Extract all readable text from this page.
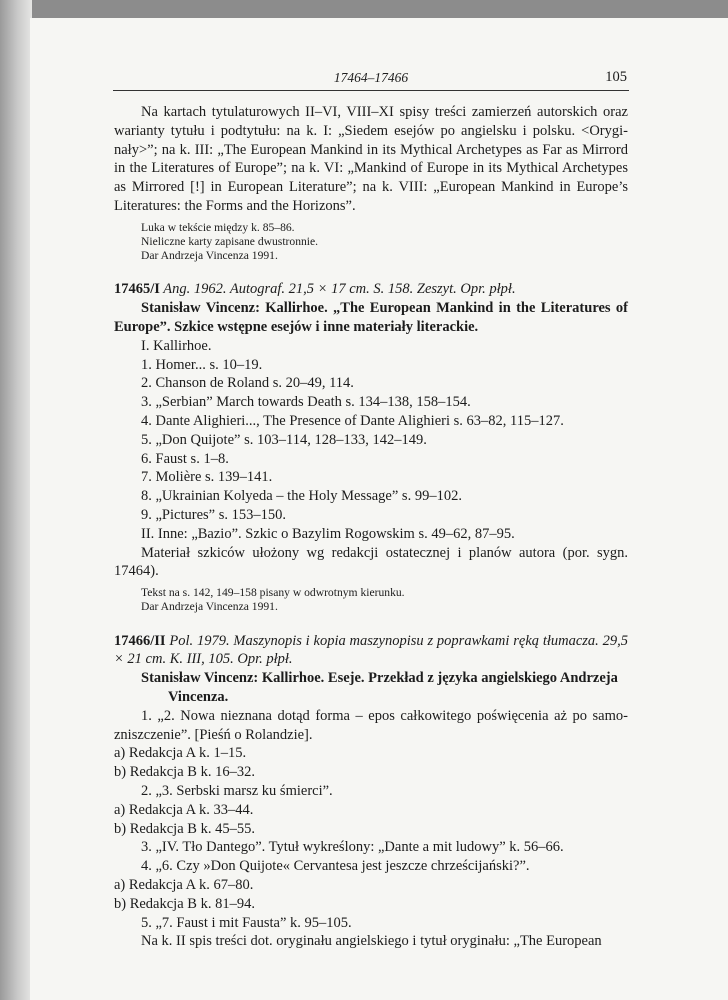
17464–17466	105

Na kartach tytulaturowych II–VI, VIII–XI spisy treści zamierzeń autorskich oraz warianty tytułu i podtytułu: na k. I: „Siedem esejów po angielsku i polsku. <Oryginały>”; na k. III: „The European Mankind in its Mythical Archetypes as Far as Mirrord in the Literatures of Europe”; na k. VI: „Mankind of Europe in its Mythical Archetypes as Mirrored [!] in European Literature”; na k. VIII: „European Mankind in Europe’s Literatures: the Forms and the Horizons”.

Luka w tekście między k. 85–86.

Nieliczne karty zapisane dwustronnie.

Dar Andrzeja Vincenza 1991.

17465/I Ang. 1962. Autograf. 21,5 × 17 cm. S. 158. Zeszyt. Opr. płpł.

Stanisław Vincenz: Kallirhoe. „The European Mankind in the Literatures of Europe”. Szkice wstępne esejów i inne materiały literackie.

I. Kallirhoe.

1. Homer... s. 10–19.

2. Chanson de Roland s. 20–49, 114.

3. „Serbian” March towards Death s. 134–138, 158–154.

4. Dante Alighieri..., The Presence of Dante Alighieri s. 63–82, 115–127.

5. „Don Quijote” s. 103–114, 128–133, 142–149.

6. Faust s. 1–8.

7. Molière s. 139–141.

8. „Ukrainian Kolyeda – the Holy Message” s. 99–102.

9. „Pictures” s. 153–150.

II. Inne: „Bazio”. Szkic o Bazylim Rogowskim s. 49–62, 87–95.

Materiał szkiców ułożony wg redakcji ostatecznej i planów autora (por. sygn. 17464).

Tekst na s. 142, 149–158 pisany w odwrotnym kierunku.

Dar Andrzeja Vincenza 1991.

17466/II Pol. 1979. Maszynopis i kopia maszynopisu z poprawkami ręką tłumacza. 29,5 × 21 cm. K. III, 105. Opr. płpł.

Stanisław Vincenz: Kallirhoe. Eseje. Przekład z języka angielskiego Andrzeja Vincenza.

1. „2. Nowa nieznana dotąd forma – epos całkowitego poświęcenia aż po samozniszczenie”. [Pieśń o Rolandzie].

a) Redakcja A k. 1–15.

b) Redakcja B k. 16–32.

2. „3. Serbski marsz ku śmierci”.

a) Redakcja A k. 33–44.

b) Redakcja B k. 45–55.

3. „IV. Tło Dantego”. Tytuł wykreślony: „Dante a mit ludowy” k. 56–66.

4. „6. Czy »Don Quijote« Cervantesa jest jeszcze chrześcijański?”.

a) Redakcja A k. 67–80.

b) Redakcja B k. 81–94.

5. „7. Faust i mit Fausta” k. 95–105.

Na k. II spis treści dot. oryginału angielskiego i tytuł oryginału: „The European
